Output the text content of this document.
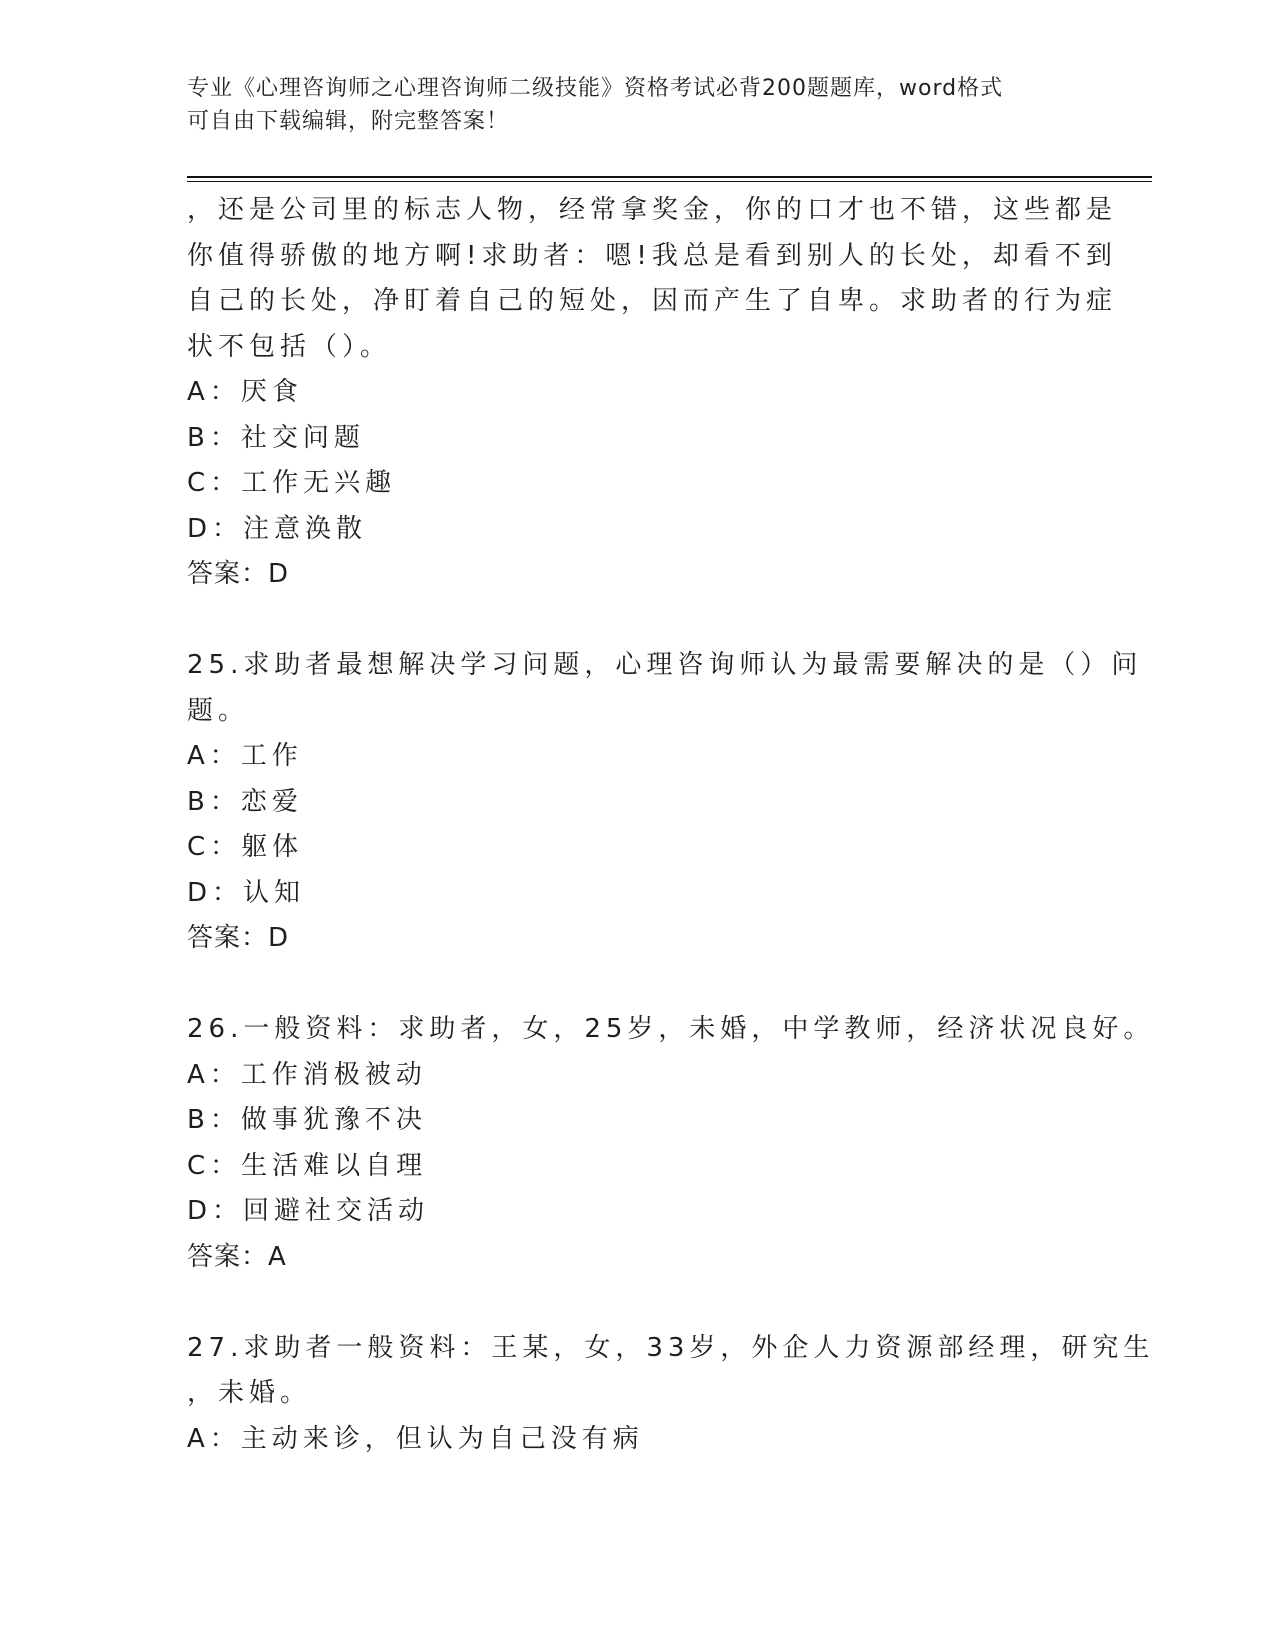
专业《心理咨询师之心理咨询师二级技能》资格考试必背200题题库，word格式
可自由下载编辑，附完整答案！
，还是公司里的标志人物，经常拿奖金，你的口才也不错，这些都是
你值得骄傲的地方啊!求助者：嗯!我总是看到别人的长处，却看不到
自己的长处，净盯着自己的短处，因而产生了自卑。求助者的行为症
状不包括（）。
A：厌食
B：社交问题
C：工作无兴趣
D：注意涣散
答案：D
25.求助者最想解决学习问题，心理咨询师认为最需要解决的是（）问
题。
A：工作
B：恋爱
C：躯体
D：认知
答案：D
26.一般资料：求助者，女，25岁，未婚，中学教师，经济状况良好。
A：工作消极被动
B：做事犹豫不决
C：生活难以自理
D：回避社交活动
答案：A
27.求助者一般资料：王某，女，33岁，外企人力资源部经理，研究生
，未婚。
A：主动来诊，但认为自己没有病
